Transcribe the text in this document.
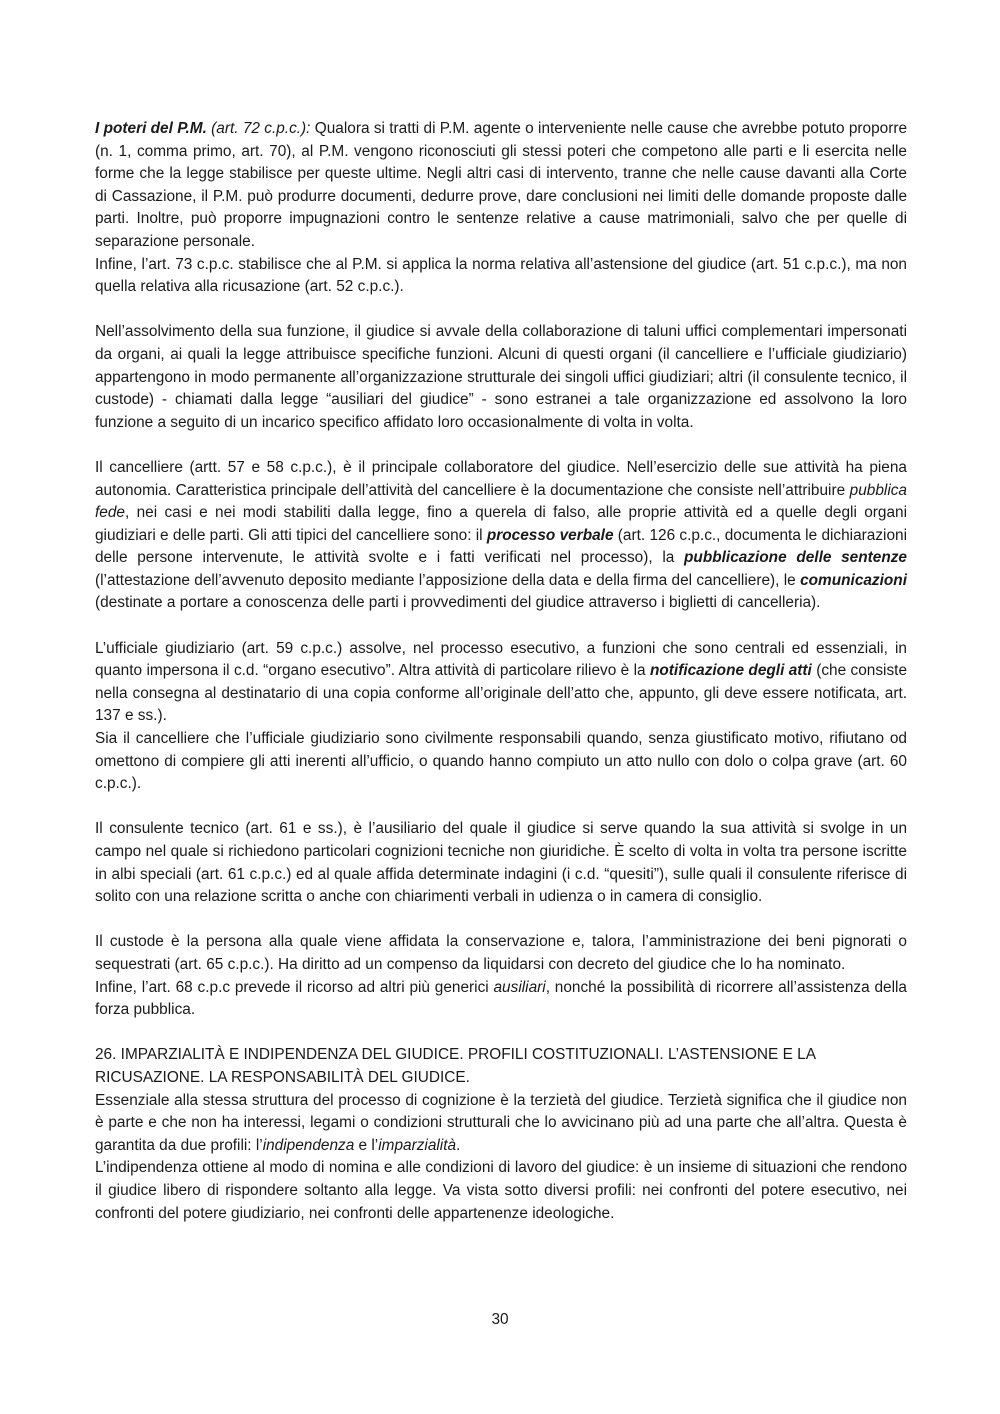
I poteri del P.M. (art. 72 c.p.c.): Qualora si tratti di P.M. agente o interveniente nelle cause che avrebbe potuto proporre (n. 1, comma primo, art. 70), al P.M. vengono riconosciuti gli stessi poteri che competono alle parti e li esercita nelle forme che la legge stabilisce per queste ultime. Negli altri casi di intervento, tranne che nelle cause davanti alla Corte di Cassazione, il P.M. può produrre documenti, dedurre prove, dare conclusioni nei limiti delle domande proposte dalle parti. Inoltre, può proporre impugnazioni contro le sentenze relative a cause matrimoniali, salvo che per quelle di separazione personale.

Infine, l’art. 73 c.p.c. stabilisce che al P.M. si applica la norma relativa all’astensione del giudice (art. 51 c.p.c.), ma non quella relativa alla ricusazione (art. 52 c.p.c.).

Nell’assolvimento della sua funzione, il giudice si avvale della collaborazione di taluni uffici complementari impersonati da organi, ai quali la legge attribuisce specifiche funzioni. Alcuni di questi organi (il cancelliere e l’ufficiale giudiziario) appartengono in modo permanente all’organizzazione strutturale dei singoli uffici giudiziari; altri (il consulente tecnico, il custode) - chiamati dalla legge “ausiliari del giudice” - sono estranei a tale organizzazione ed assolvono la loro funzione a seguito di un incarico specifico affidato loro occasionalmente di volta in volta.

Il cancelliere (artt. 57 e 58 c.p.c.), è il principale collaboratore del giudice. Nell’esercizio delle sue attività ha piena autonomia. Caratteristica principale dell’attività del cancelliere è la documentazione che consiste nell’attribuire pubblica fede, nei casi e nei modi stabiliti dalla legge, fino a querela di falso, alle proprie attività ed a quelle degli organi giudiziari e delle parti. Gli atti tipici del cancelliere sono: il processo verbale (art. 126 c.p.c., documenta le dichiarazioni delle persone intervenute, le attività svolte e i fatti verificati nel processo), la pubblicazione delle sentenze (l’attestazione dell’avvenuto deposito mediante l’apposizione della data e della firma del cancelliere), le comunicazioni (destinate a portare a conoscenza delle parti i provvedimenti del giudice attraverso i biglietti di cancelleria).

L’ufficiale giudiziario (art. 59 c.p.c.) assolve, nel processo esecutivo, a funzioni che sono centrali ed essenziali, in quanto impersona il c.d. “organo esecutivo”. Altra attività di particolare rilievo è la notificazione degli atti (che consiste nella consegna al destinatario di una copia conforme all’originale dell’atto che, appunto, gli deve essere notificata, art. 137 e ss.).

Sia il cancelliere che l’ufficiale giudiziario sono civilmente responsabili quando, senza giustificato motivo, rifiutano od omettono di compiere gli atti inerenti all’ufficio, o quando hanno compiuto un atto nullo con dolo o colpa grave (art. 60 c.p.c.).

Il consulente tecnico (art. 61 e ss.), è l’ausiliario del quale il giudice si serve quando la sua attività si svolge in un campo nel quale si richiedono particolari cognizioni tecniche non giuridiche. È scelto di volta in volta tra persone iscritte in albi speciali (art. 61 c.p.c.) ed al quale affida determinate indagini (i c.d. “quesiti”), sulle quali il consulente riferisce di solito con una relazione scritta o anche con chiarimenti verbali in udienza o in camera di consiglio.

Il custode è la persona alla quale viene affidata la conservazione e, talora, l’amministrazione dei beni pignorati o sequestrati (art. 65 c.p.c.). Ha diritto ad un compenso da liquidarsi con decreto del giudice che lo ha nominato.

Infine, l’art. 68 c.p.c prevede il ricorso ad altri più generici ausiliari, nonché la possibilità di ricorrere all’assistenza della forza pubblica.

26. IMPARZIALITÀ E INDIPENDENZA DEL GIUDICE. PROFILI COSTITUZIONALI. L’ASTENSIONE E LA RICUSAZIONE. LA RESPONSABILITÀ DEL GIUDICE.

Essenziale alla stessa struttura del processo di cognizione è la terzietà del giudice. Terzietà significa che il giudice non è parte e che non ha interessi, legami o condizioni strutturali che lo avvicinano più ad una parte che all’altra. Questa è garantita da due profili: l’indipendenza e l’imparzialità.

L’indipendenza ottiene al modo di nomina e alle condizioni di lavoro del giudice: è un insieme di situazioni che rendono il giudice libero di rispondere soltanto alla legge. Va vista sotto diversi profili: nei confronti del potere esecutivo, nei confronti del potere giudiziario, nei confronti delle appartenenze ideologiche.

30
